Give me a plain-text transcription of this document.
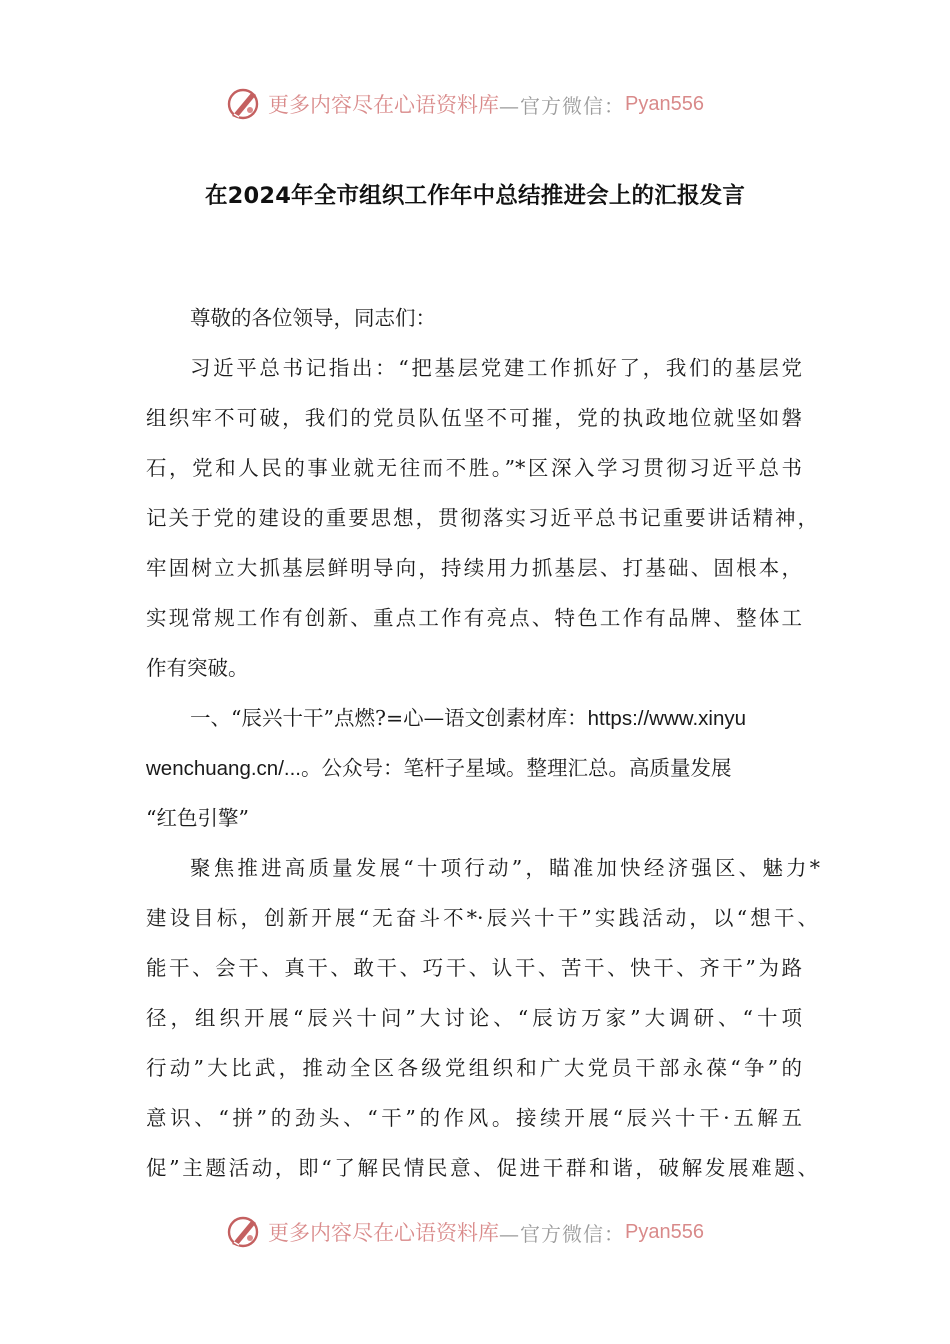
更多内容尽在心语资料库 —官方微信： Pyan556
在2024年全市组织工作年中总结推进会上的汇报发言

尊敬的各位领导，同志们：

习近平总书记指出：“把基层党建工作抓好了，我们的基层党

组织牢不可破，我们的党员队伍坚不可摧，党的执政地位就坚如磐

石，党和人民的事业就无往而不胜。”*区深入学习贯彻习近平总书

记关于党的建设的重要思想，贯彻落实习近平总书记重要讲话精神，

牢固树立大抓基层鲜明导向，持续用力抓基层、打基础、固根本，

实现常规工作有创新、重点工作有亮点、特色工作有品牌、整体工

作有突破。

一、“辰兴十干”点燃?=心—语文创素材库：https://www.xinyu
wenchuang.cn/...。公众号：笔杆子星域。整理汇总。高质量发展

“红色引擎”

聚焦推进高质量发展“十项行动”，瞄准加快经济强区、魅力*

建设目标，创新开展“无奋斗不*·辰兴十干”实践活动，以“想干、

能干、会干、真干、敢干、巧干、认干、苦干、快干、齐干”为路

径，组织开展“辰兴十问”大讨论、“辰访万家”大调研、“十项

行动”大比武，推动全区各级党组织和广大党员干部永葆“争”的

意识、“拼”的劲头、“干”的作风。接续开展“辰兴十干·五解五

促”主题活动，即“了解民情民意、促进干群和谐，破解发展难题、

更多内容尽在心语资料库 —官方微信： Pyan556
